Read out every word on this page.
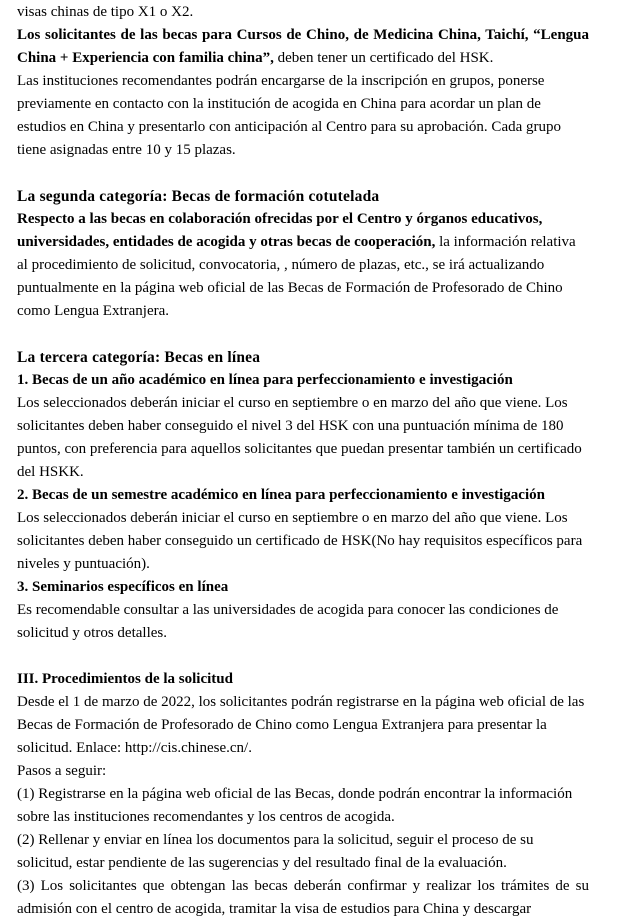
visas chinas de tipo X1 o X2.

Los solicitantes de las becas para Cursos de Chino, de Medicina China, Taichí, “Lengua China + Experiencia con familia china”, deben tener un certificado del HSK.

Las instituciones recomendantes podrán encargarse de la inscripción en grupos, ponerse previamente en contacto con la institución de acogida en China para acordar un plan de estudios en China y presentarlo con anticipación al Centro para su aprobación. Cada grupo tiene asignadas entre 10 y 15 plazas.

La segunda categoría: Becas de formación cotutelada

Respecto a las becas en colaboración ofrecidas por el Centro y órganos educativos, universidades, entidades de acogida y otras becas de cooperación, la información relativa al procedimiento de solicitud, convocatoria, , número de plazas, etc., se irá actualizando puntualmente en la página web oficial de las Becas de Formación de Profesorado de Chino como Lengua Extranjera.

La tercera categoría: Becas en línea

1. Becas de un año académico en línea para perfeccionamiento e investigación

Los seleccionados deberán iniciar el curso en septiembre o en marzo del año que viene. Los solicitantes deben haber conseguido el nivel 3 del HSK con una puntuación mínima de 180 puntos, con preferencia para aquellos solicitantes que puedan presentar también un certificado del HSKK.

2. Becas de un semestre académico en línea para perfeccionamiento e investigación

Los seleccionados deberán iniciar el curso en septiembre o en marzo del año que viene. Los solicitantes deben haber conseguido un certificado de HSK(No hay requisitos específicos para niveles y puntuación).

3. Seminarios específicos en línea

Es recomendable consultar a las universidades de acogida para conocer las condiciones de solicitud y otros detalles.

III. Procedimientos de la solicitud

Desde el 1 de marzo de 2022, los solicitantes podrán registrarse en la página web oficial de las Becas de Formación de Profesorado de Chino como Lengua Extranjera para presentar la solicitud. Enlace: http://cis.chinese.cn/.

Pasos a seguir:

(1) Registrarse en la página web oficial de las Becas, donde podrán encontrar la información sobre las instituciones recomendantes y los centros de acogida.

(2) Rellenar y enviar en línea los documentos para la solicitud, seguir el proceso de su solicitud, estar pendiente de las sugerencias y del resultado final de la evaluación.

(3) Los solicitantes que obtengan las becas deberán confirmar y realizar los trámites de su admisión con el centro de acogida, tramitar la visa de estudios para China y descargar
